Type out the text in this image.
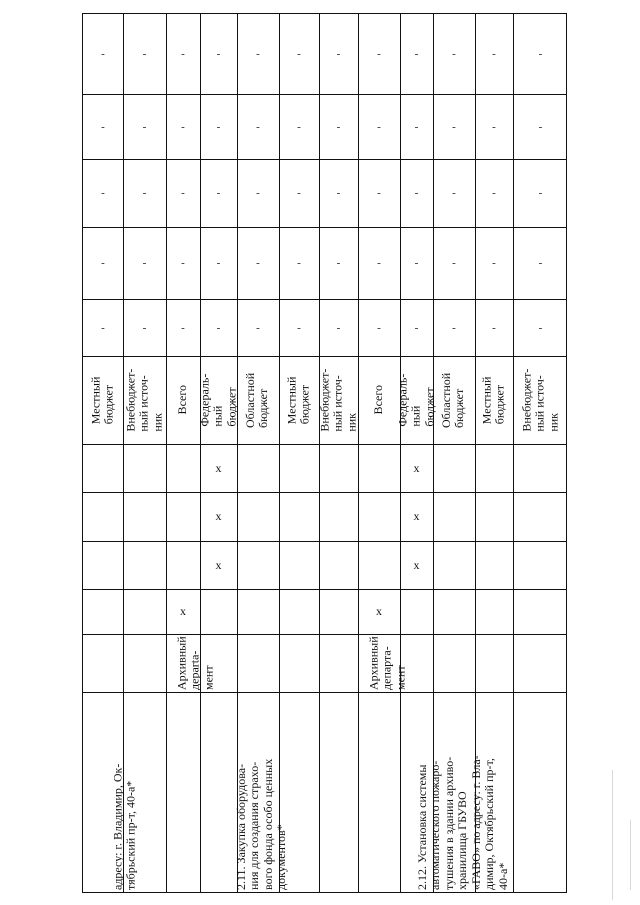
адресу: г. Владимир, Ок-
тябрьский пр-т, 40-а*
Местный
бюджет
-
-
-
-
-
Внебюджет-
ный источ-
ник
-
-
-
-
-
2.11. Закупка оборудова-
ния для создания страхо-
вого фонда особо ценных
документов*
Архивный
деparta-
мент
x
x
x
x
Всего
-
-
-
-
-
Федераль-
ный бюджет
-
-
-
-
-
Областной
бюджет
-
-
-
-
-
Местный
бюджет
-
-
-
-
-
Внебюджет-
ный источ-
ник
-
-
-
-
-
2.12. Установка системы
автоматического пожаро-
тушения в здании архиво-
хранилища ГБУВО
«ГАВО» по адресу: г. Вла-
димир, Октябрьский пр-т,
40-а*
Архивный
департа-
мент
x
x
x
x
Всего
-
-
-
-
-
Федераль-
ный бюджет
-
-
-
-
-
Областной
бюджет
-
-
-
-
-
Местный
бюджет
-
-
-
-
-
Внебюджет-
ный источ-
ник
-
-
-
-
-
